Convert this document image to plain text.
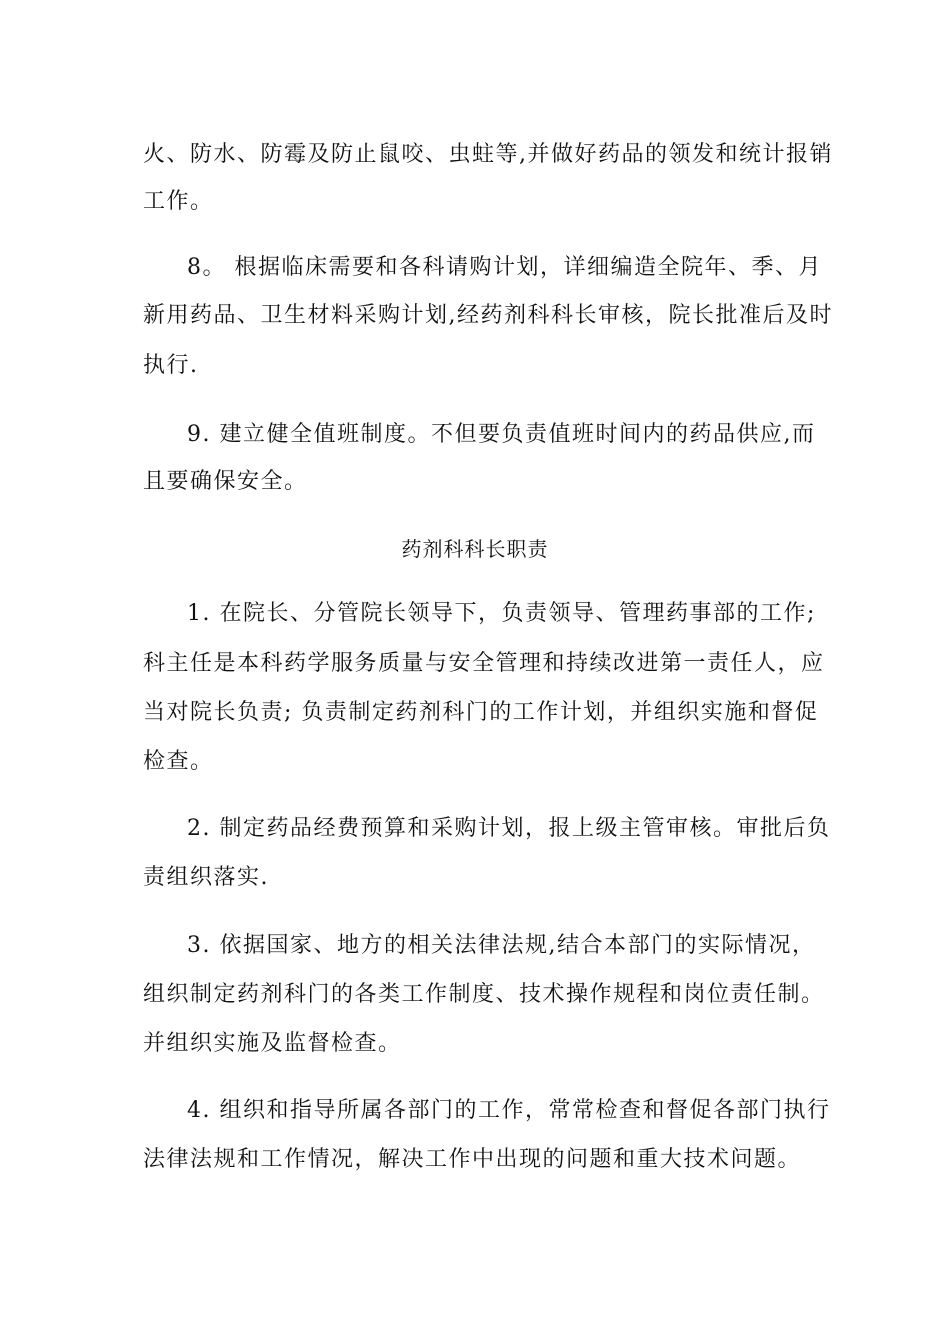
火、防水、防霉及防止鼠咬、虫蛀等,并做好药品的领发和统计报销
工作。
8。 根据临床需要和各科请购计划，详细编造全院年、季、月
新用药品、卫生材料采购计划,经药剂科科长审核，院长批准后及时
执行.
9. 建立健全值班制度。不但要负责值班时间内的药品供应,而
且要确保安全。
药剂科科长职责
1. 在院长、分管院长领导下，负责领导、管理药事部的工作;
科主任是本科药学服务质量与安全管理和持续改进第一责任人，应
当对院长负责; 负责制定药剂科门的工作计划，并组织实施和督促
检查。
2. 制定药品经费预算和采购计划，报上级主管审核。审批后负
责组织落实.
3. 依据国家、地方的相关法律法规,结合本部门的实际情况，
组织制定药剂科门的各类工作制度、技术操作规程和岗位责任制。
并组织实施及监督检查。
4. 组织和指导所属各部门的工作，常常检查和督促各部门执行
法律法规和工作情况，解决工作中出现的问题和重大技术问题。
